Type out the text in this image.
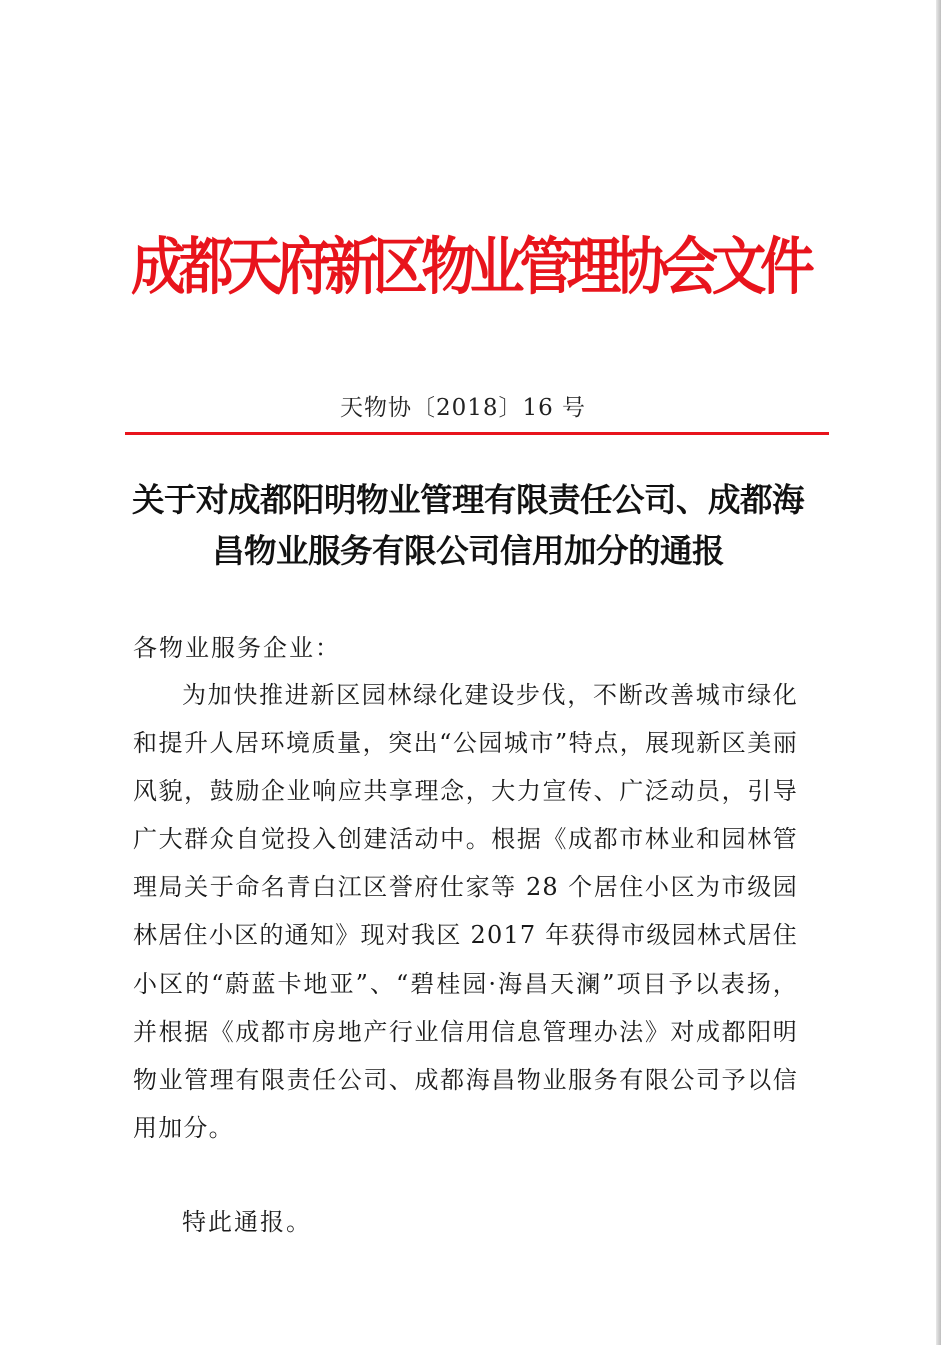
成都天府新区物业管理协会文件
天物协〔2018〕16 号
关于对成都阳明物业管理有限责任公司、成都海昌物业服务有限公司信用加分的通报
各物业服务企业：

为加快推进新区园林绿化建设步伐，不断改善城市绿化和提升人居环境质量，突出“公园城市”特点，展现新区美丽风貌，鼓励企业响应共享理念，大力宣传、广泛动员，引导广大群众自觉投入创建活动中。根据《成都市林业和园林管理局关于命名青白江区誉府仕家等 28 个居住小区为市级园林居住小区的通知》现对我区 2017 年获得市级园林式居住小区的“蔚蓝卡地亚”、“碧桂园·海昌天澜”项目予以表扬，并根据《成都市房地产行业信用信息管理办法》对成都阳明物业管理有限责任公司、成都海昌物业服务有限公司予以信用加分。

特此通报。
